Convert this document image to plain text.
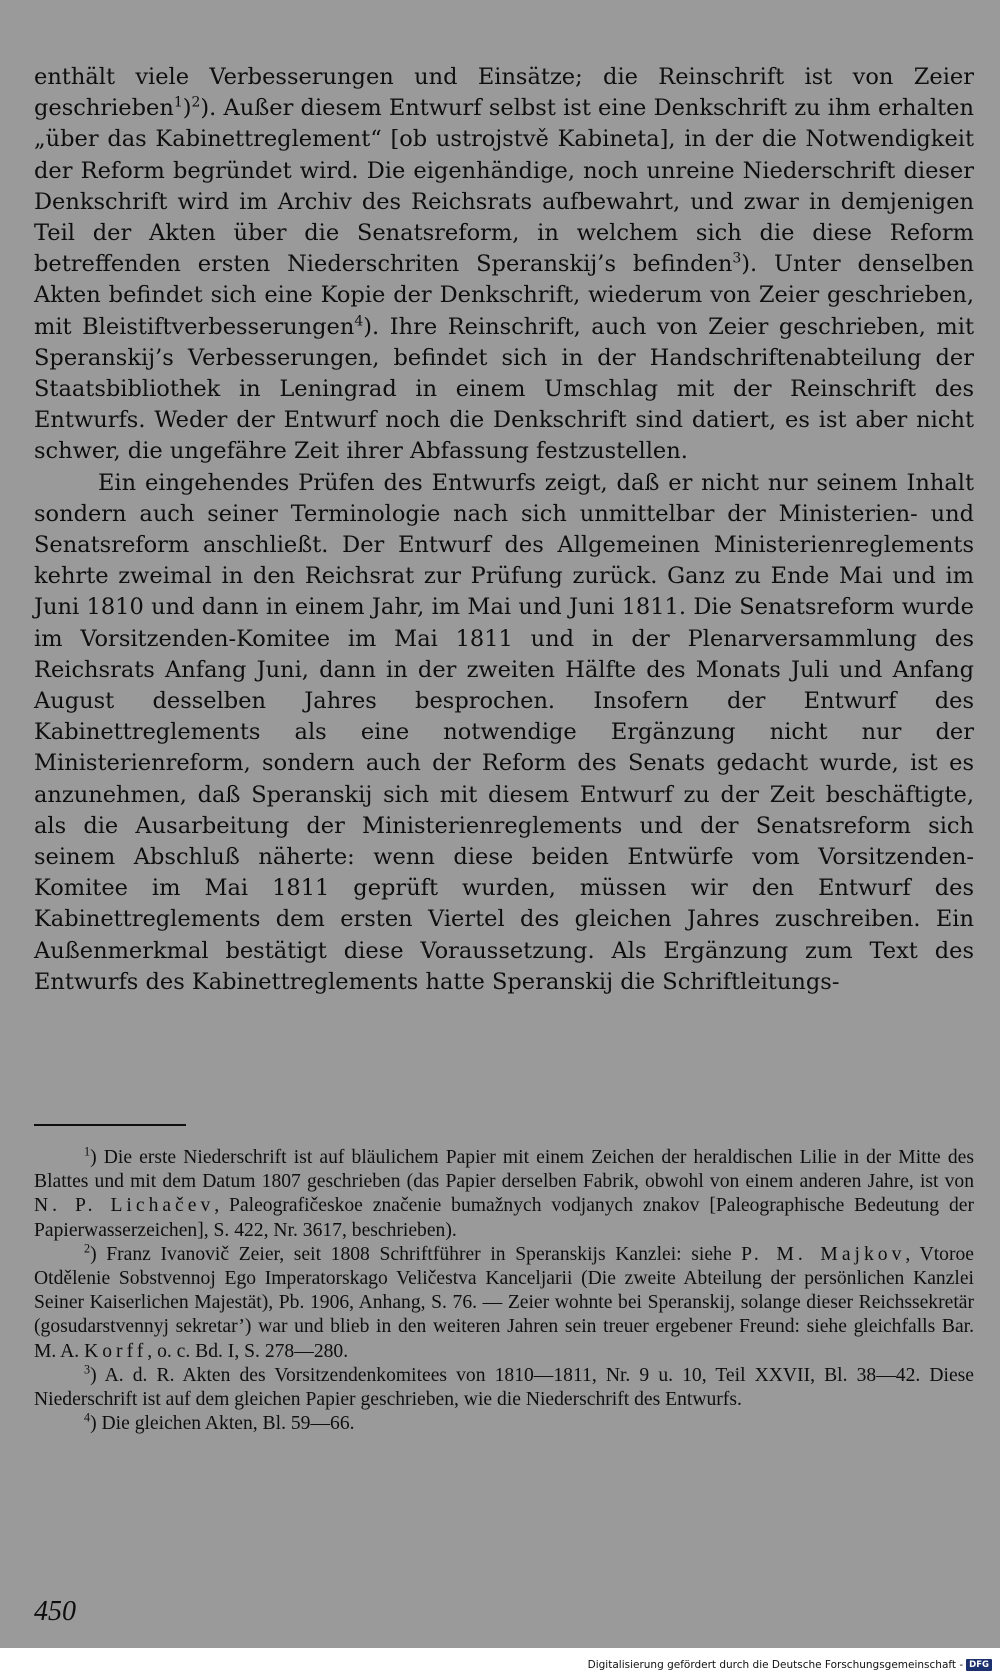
enthält viele Verbesserungen und Einsätze; die Reinschrift ist von Zeier geschrieben$^1$)$^2$). Außer diesem Entwurf selbst ist eine Denkschrift zu ihm erhalten „über das Kabinettreglement“ [ob ustrojstvě Kabineta], in der die Notwendigkeit der Reform begründet wird. Die eigenhändige, noch unreine Niederschrift dieser Denkschrift wird im Archiv des Reichsrats aufbewahrt, und zwar in demjenigen Teil der Akten über die Senatsreform, in welchem sich die diese Reform betreffenden ersten Niederschriten Speranskij’s befinden$^3$). Unter denselben Akten befindet sich eine Kopie der Denkschrift, wiederum von Zeier geschrieben, mit Bleistiftverbesserungen$^4$). Ihre Reinschrift, auch von Zeier geschrieben, mit Speranskij’s Verbesserungen, befindet sich in der Handschriftenabteilung der Staatsbibliothek in Leningrad in einem Umschlag mit der Reinschrift des Entwurfs. Weder der Entwurf noch die Denkschrift sind datiert, es ist aber nicht schwer, die ungefähre Zeit ihrer Abfassung festzustellen.

Ein eingehendes Prüfen des Entwurfs zeigt, daß er nicht nur seinem Inhalt sondern auch seiner Terminologie nach sich unmittelbar der Ministerien- und Senatsreform anschließt. Der Entwurf des Allgemeinen Ministerienreglements kehrte zweimal in den Reichsrat zur Prüfung zurück. Ganz zu Ende Mai und im Juni 1810 und dann in einem Jahr, im Mai und Juni 1811. Die Senatsreform wurde im Vorsitzenden-Komitee im Mai 1811 und in der Plenarversammlung des Reichsrats Anfang Juni, dann in der zweiten Hälfte des Monats Juli und Anfang August desselben Jahres besprochen. Insofern der Entwurf des Kabinettreglements als eine notwendige Ergänzung nicht nur der Ministerienreform, sondern auch der Reform des Senats gedacht wurde, ist es anzunehmen, daß Speranskij sich mit diesem Entwurf zu der Zeit beschäftigte, als die Ausarbeitung der Ministerienreglements und der Senatsreform sich seinem Abschluß näherte: wenn diese beiden Entwürfe vom Vorsitzenden-Komitee im Mai 1811 geprüft wurden, müssen wir den Entwurf des Kabinettreglements dem ersten Viertel des gleichen Jahres zuschreiben. Ein Außenmerkmal bestätigt diese Voraussetzung. Als Ergänzung zum Text des Entwurfs des Kabinettreglements hatte Speranskij die Schriftleitungs-

$^1$) Die erste Niederschrift ist auf bläulichem Papier mit einem Zeichen der heraldischen Lilie in der Mitte des Blattes und mit dem Datum 1807 geschrieben (das Papier derselben Fabrik, obwohl von einem anderen Jahre, ist von N. P. Lichačev, Paleografičeskoe značenie bumažnych vodjanych znakov [Paleographische Bedeutung der Papierwasserzeichen], S. 422, Nr. 3617, beschrieben).

$^2$) Franz Ivanovič Zeier, seit 1808 Schriftführer in Speranskijs Kanzlei: siehe P. M. Majkov, Vtoroe Otdělenie Sobstvennoj Ego Imperatorskago Veličestva Kanceljarii (Die zweite Abteilung der persönlichen Kanzlei Seiner Kaiserlichen Majestät), Pb. 1906, Anhang, S. 76. — Zeier wohnte bei Speranskij, solange dieser Reichssekretär (gosudarstvennyj sekretar’) war und blieb in den weiteren Jahren sein treuer ergebener Freund: siehe gleichfalls Bar. M. A. Korff, o. c. Bd. I, S. 278—280.

$^3$) A. d. R. Akten des Vorsitzendenkomitees von 1810—1811, Nr. 9 u. 10, Teil XXVII, Bl. 38—42. Diese Niederschrift ist auf dem gleichen Papier geschrieben, wie die Niederschrift des Entwurfs.

$^4$) Die gleichen Akten, Bl. 59—66.

450
Digitalisierung gefördert durch die Deutsche Forschungsgemeinschaft - DFG
